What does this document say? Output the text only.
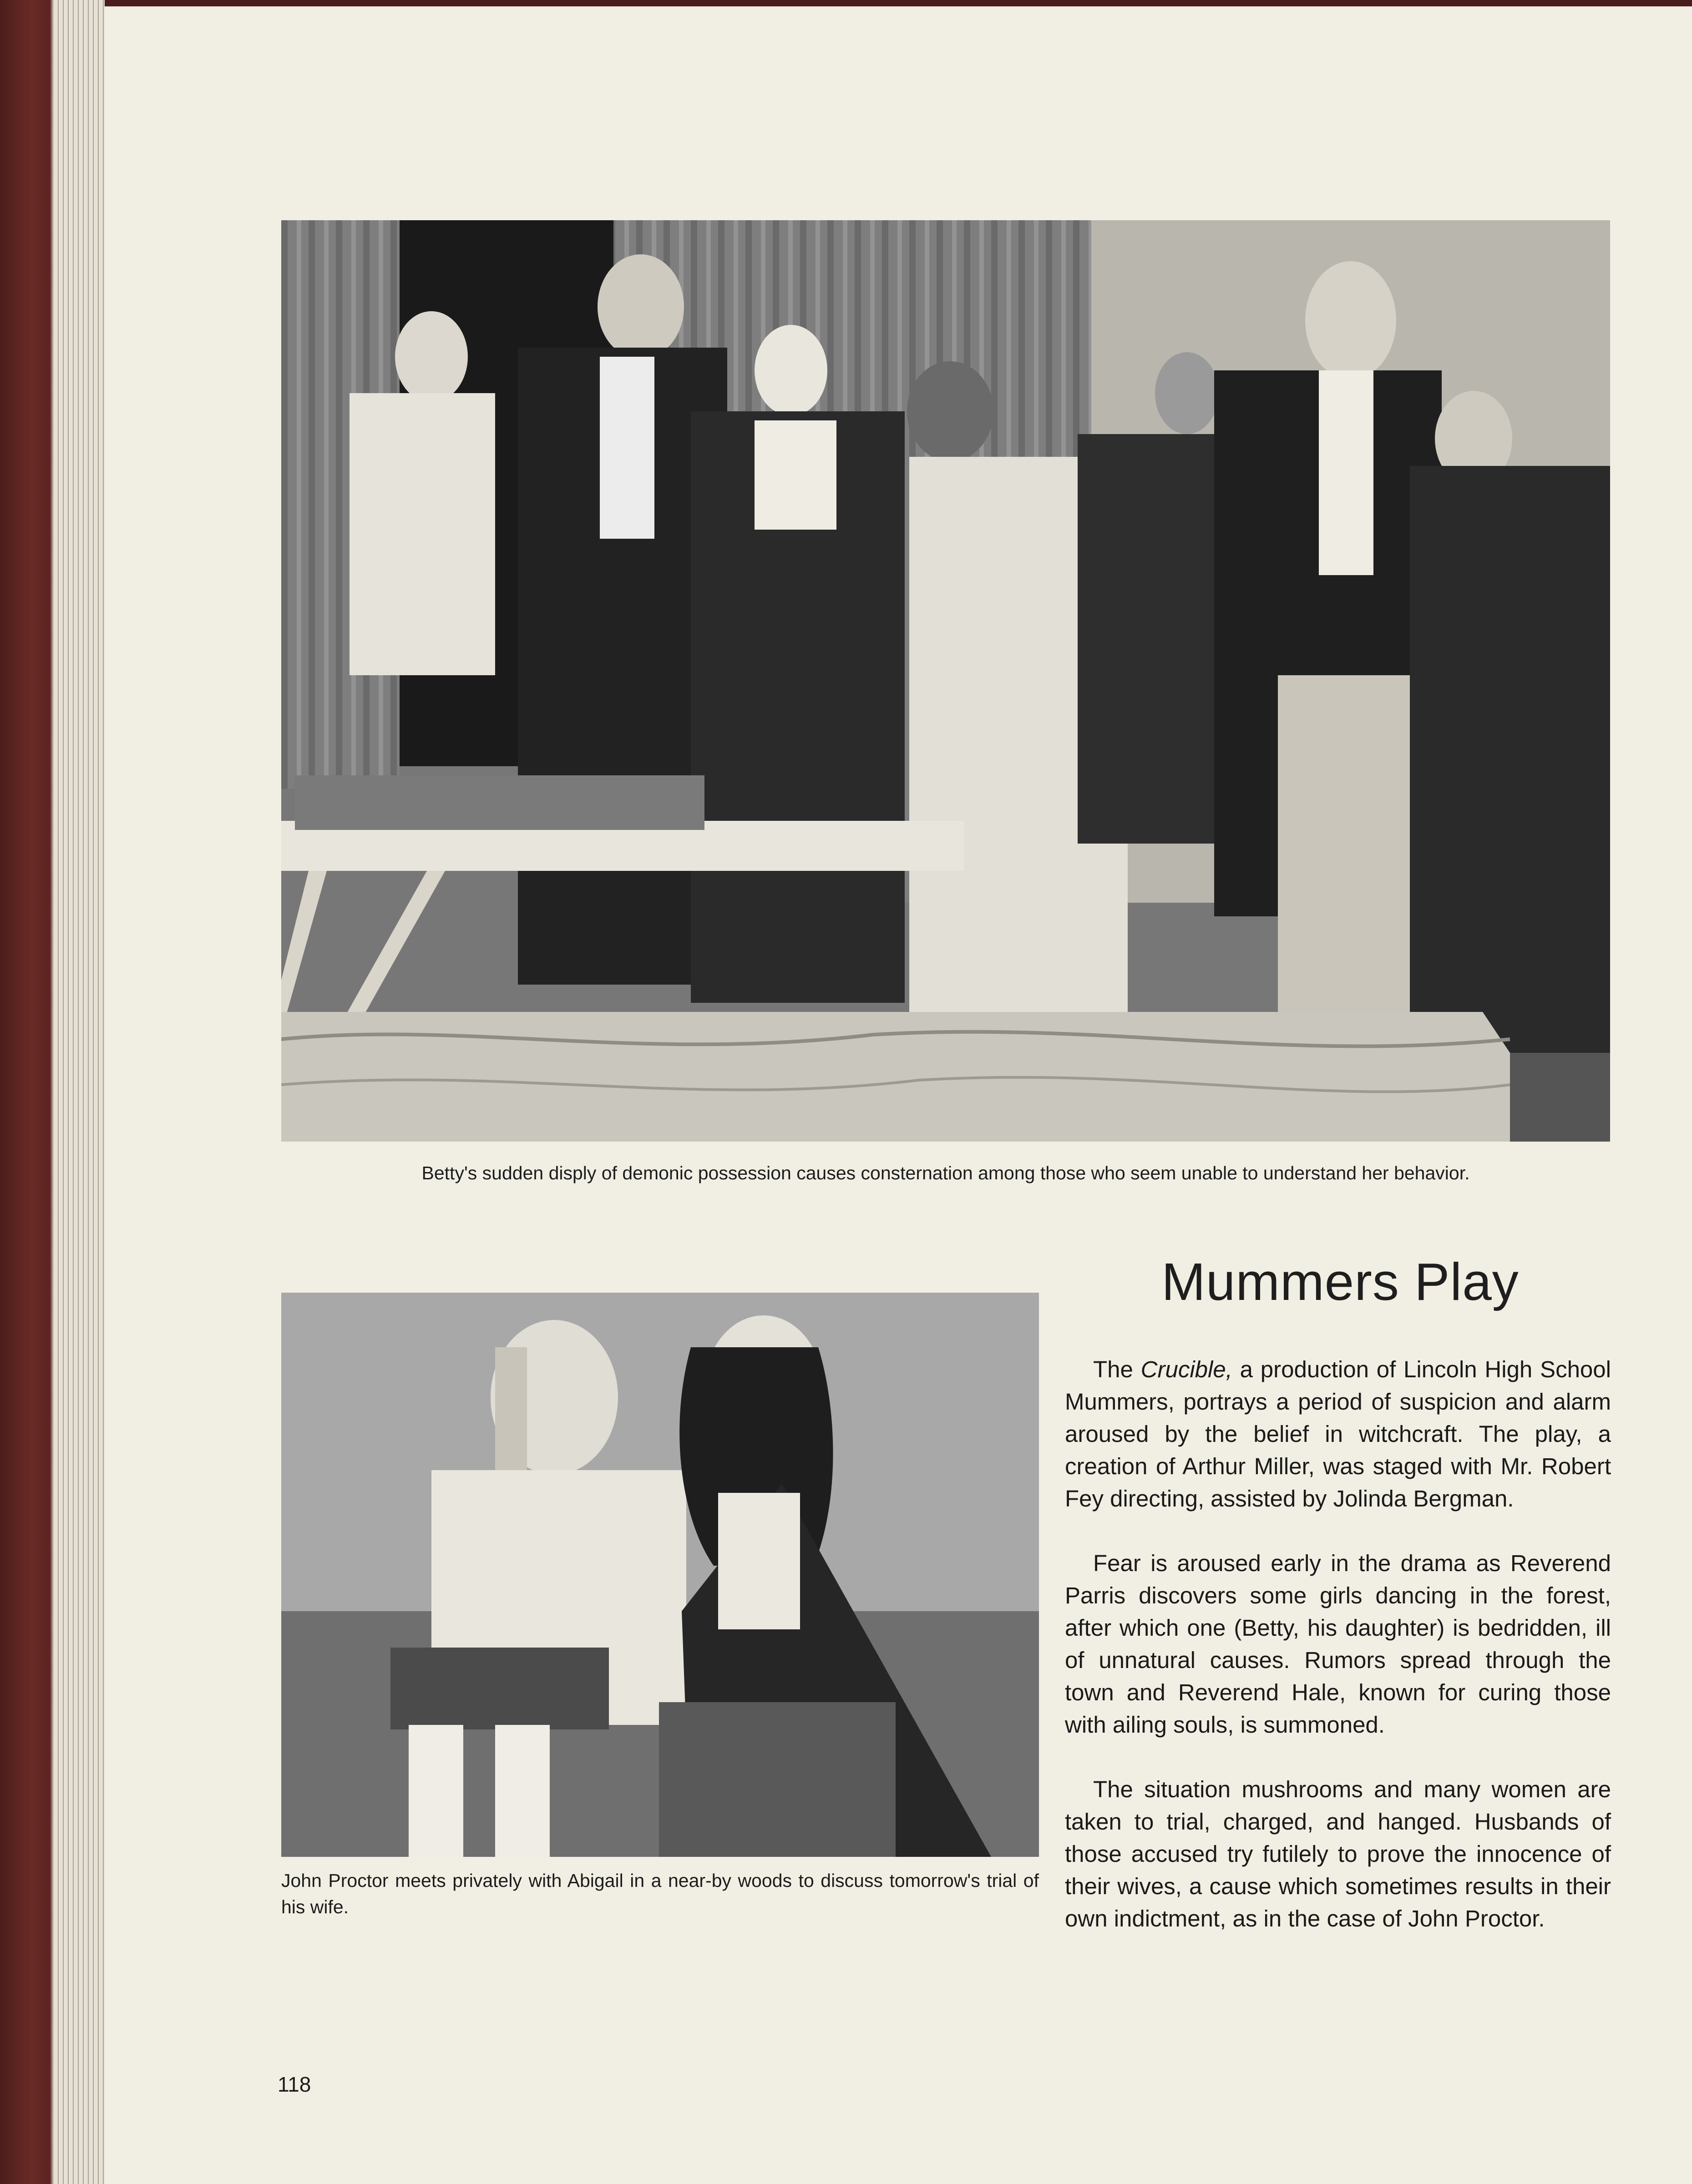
Betty's sudden disply of demonic possession causes consternation among those who seem unable to understand her behavior.
Mummers Play
John Proctor meets privately with Abigail in a near-by woods to discuss tomorrow's trial of his wife.

The Crucible, a production of Lincoln High School Mummers, portrays a period of suspicion and alarm aroused by the belief in witchcraft. The play, a creation of Arthur Miller, was staged with Mr. Robert Fey directing, assisted by Jolinda Bergman.

Fear is aroused early in the drama as Reverend Parris discovers some girls dancing in the forest, after which one (Betty, his daughter) is bedridden, ill of unnatural causes. Rumors spread through the town and Reverend Hale, known for curing those with ailing souls, is summoned.

The situation mushrooms and many women are taken to trial, charged, and hanged. Husbands of those accused try futilely to prove the innocence of their wives, a cause which sometimes results in their own indictment, as in the case of John Proctor.

118
